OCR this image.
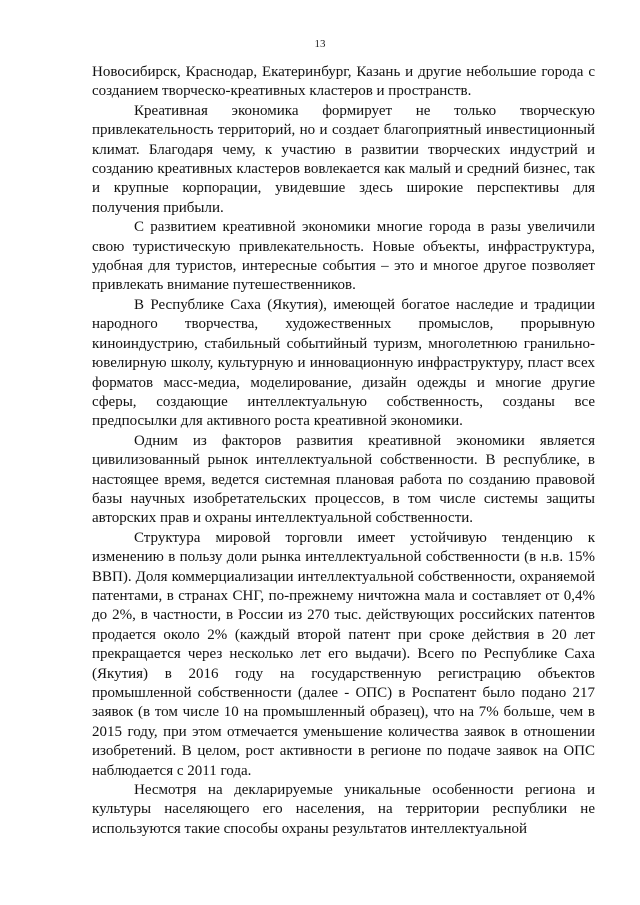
13

Новосибирск, Краснодар, Екатеринбург, Казань и другие небольшие города с созданием творческо-креативных кластеров и пространств.

Креативная экономика формирует не только творческую привлекательность территорий, но и создает благоприятный инвестиционный климат. Благодаря чему, к участию в развитии творческих индустрий и созданию креативных кластеров вовлекается как малый и средний бизнес, так и крупные корпорации, увидевшие здесь широкие перспективы для получения прибыли.

С развитием креативной экономики многие города в разы увеличили свою туристическую привлекательность. Новые объекты, инфраструктура, удобная для туристов, интересные события – это и многое другое позволяет привлекать внимание путешественников.

В Республике Саха (Якутия), имеющей богатое наследие и традиции народного творчества, художественных промыслов, прорывную киноиндустрию, стабильный событийный туризм, многолетнюю гранильно-ювелирную школу, культурную и инновационную инфраструктуру, пласт всех форматов масс-медиа, моделирование, дизайн одежды и многие другие сферы, создающие интеллектуальную собственность, созданы все предпосылки для активного роста креативной экономики.

Одним из факторов развития креативной экономики является цивилизованный рынок интеллектуальной собственности. В республике, в настоящее время, ведется системная плановая работа по созданию правовой базы научных изобретательских процессов, в том числе системы защиты авторских прав и охраны интеллектуальной собственности.

Структура мировой торговли имеет устойчивую тенденцию к изменению в пользу доли рынка интеллектуальной собственности (в н.в. 15% ВВП). Доля коммерциализации интеллектуальной собственности, охраняемой патентами, в странах СНГ, по-прежнему ничтожна мала и составляет от 0,4% до 2%, в частности, в России из 270 тыс. действующих российских патентов продается около 2% (каждый второй патент при сроке действия в 20 лет прекращается через несколько лет его выдачи). Всего по Республике Саха (Якутия) в 2016 году на государственную регистрацию объектов промышленной собственности (далее - ОПС) в Роспатент было подано 217 заявок (в том числе 10 на промышленный образец), что на 7% больше, чем в 2015 году, при этом отмечается уменьшение количества заявок в отношении изобретений. В целом, рост активности в регионе по подаче заявок на ОПС наблюдается с 2011 года.

Несмотря на декларируемые уникальные особенности региона и культуры населяющего его населения, на территории республики не используются такие способы охраны результатов интеллектуальной
